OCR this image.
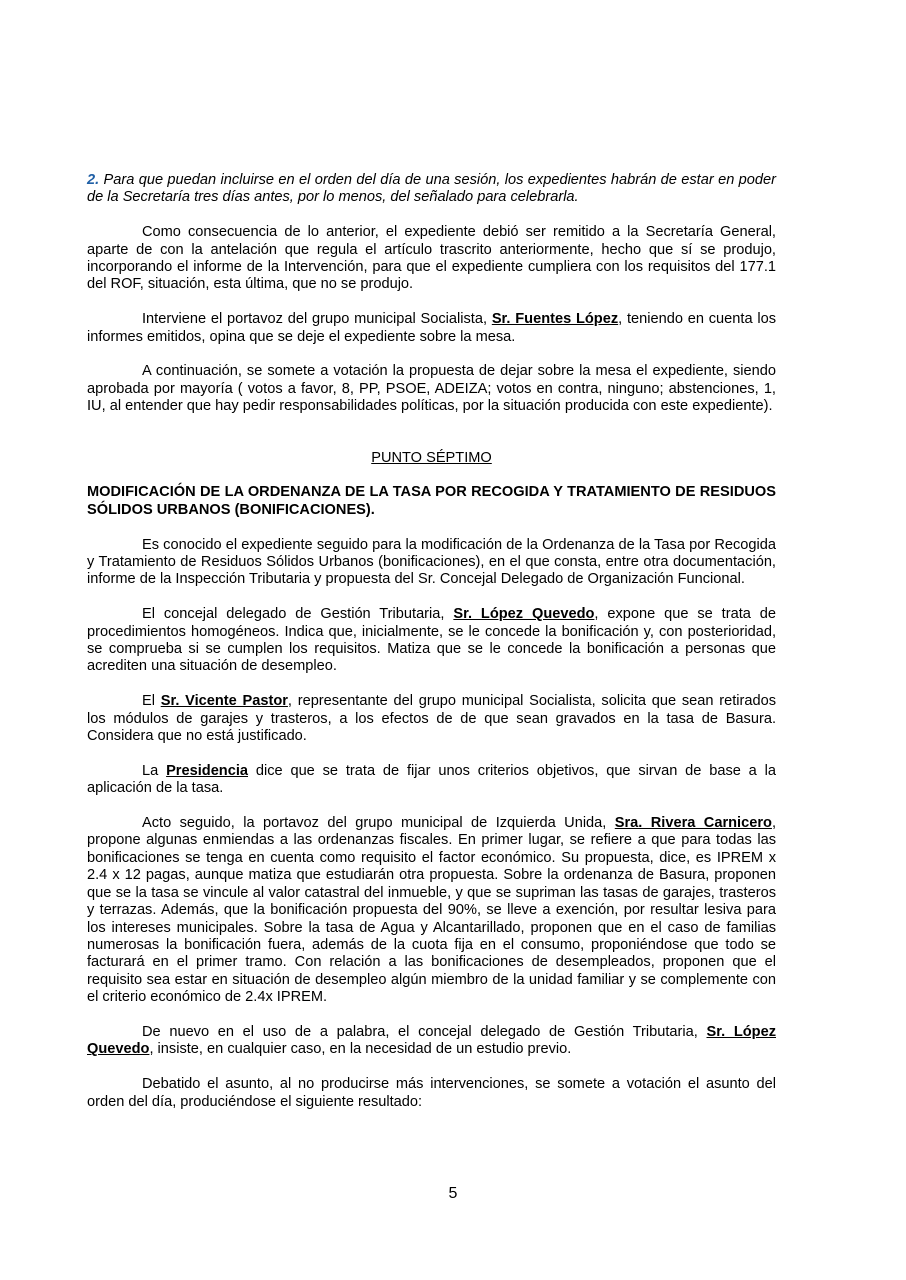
2. Para que puedan incluirse en el orden del día de una sesión, los expedientes habrán de estar en poder de la Secretaría tres días antes, por lo menos, del señalado para celebrarla.

Como consecuencia de lo anterior, el expediente debió ser remitido a la Secretaría General, aparte de con la antelación que regula el artículo trascrito anteriormente, hecho que sí se produjo, incorporando el informe de la Intervención, para que el expediente cumpliera con los requisitos del 177.1 del ROF, situación, esta última, que no se produjo.

Interviene el portavoz del grupo municipal Socialista, Sr. Fuentes López, teniendo en cuenta los informes emitidos, opina que se deje el expediente sobre la mesa.

A continuación, se somete a votación la propuesta de dejar sobre la mesa el expediente, siendo aprobada por mayoría ( votos a favor, 8, PP, PSOE, ADEIZA; votos en contra, ninguno; abstenciones, 1, IU, al entender que hay pedir responsabilidades políticas, por la situación producida con este expediente).

PUNTO SÉPTIMO

MODIFICACIÓN DE LA ORDENANZA DE LA TASA POR RECOGIDA Y TRATAMIENTO DE RESIDUOS SÓLIDOS URBANOS (BONIFICACIONES).

Es conocido el expediente seguido para la modificación de la Ordenanza de la Tasa por Recogida y Tratamiento de Residuos Sólidos Urbanos (bonificaciones), en el que consta, entre otra documentación, informe de la Inspección Tributaria y propuesta del Sr. Concejal Delegado de Organización Funcional.

El concejal delegado de Gestión Tributaria, Sr. López Quevedo, expone que se trata de procedimientos homogéneos. Indica que, inicialmente, se le concede la bonificación y, con posterioridad, se comprueba si se cumplen los requisitos. Matiza que se le concede la bonificación a personas que acrediten una situación de desempleo.

El Sr. Vicente Pastor, representante del grupo municipal Socialista, solicita que sean retirados los módulos de garajes y trasteros, a los efectos de de que sean gravados en la tasa de Basura. Considera que no está justificado.

La Presidencia dice que se trata de fijar unos criterios objetivos, que sirvan de base a la aplicación de la tasa.

Acto seguido, la portavoz del grupo municipal de Izquierda Unida, Sra. Rivera Carnicero, propone algunas enmiendas a las ordenanzas fiscales. En primer lugar, se refiere a que para todas las bonificaciones se tenga en cuenta como requisito el factor económico. Su propuesta, dice, es IPREM x 2.4 x 12 pagas, aunque matiza que estudiarán otra propuesta. Sobre la ordenanza de Basura, proponen que se la tasa se vincule al valor catastral del inmueble, y que se supriman las tasas de garajes, trasteros y terrazas. Además, que la bonificación propuesta del 90%, se lleve a exención, por resultar lesiva para los intereses municipales. Sobre la tasa de Agua y Alcantarillado, proponen que en el caso de familias numerosas la bonificación fuera, además de la cuota fija en el consumo, proponiéndose que todo se facturará en el primer tramo. Con relación a las bonificaciones de desempleados, proponen que el requisito sea estar en situación de desempleo algún miembro de la unidad familiar y se complemente con el criterio económico de 2.4x IPREM.

De nuevo en el uso de a palabra, el concejal delegado de Gestión Tributaria, Sr. López Quevedo, insiste, en cualquier caso, en la necesidad de un estudio previo.

Debatido el asunto, al no producirse más intervenciones, se somete a votación el asunto del orden del día, produciéndose el siguiente resultado:

5
